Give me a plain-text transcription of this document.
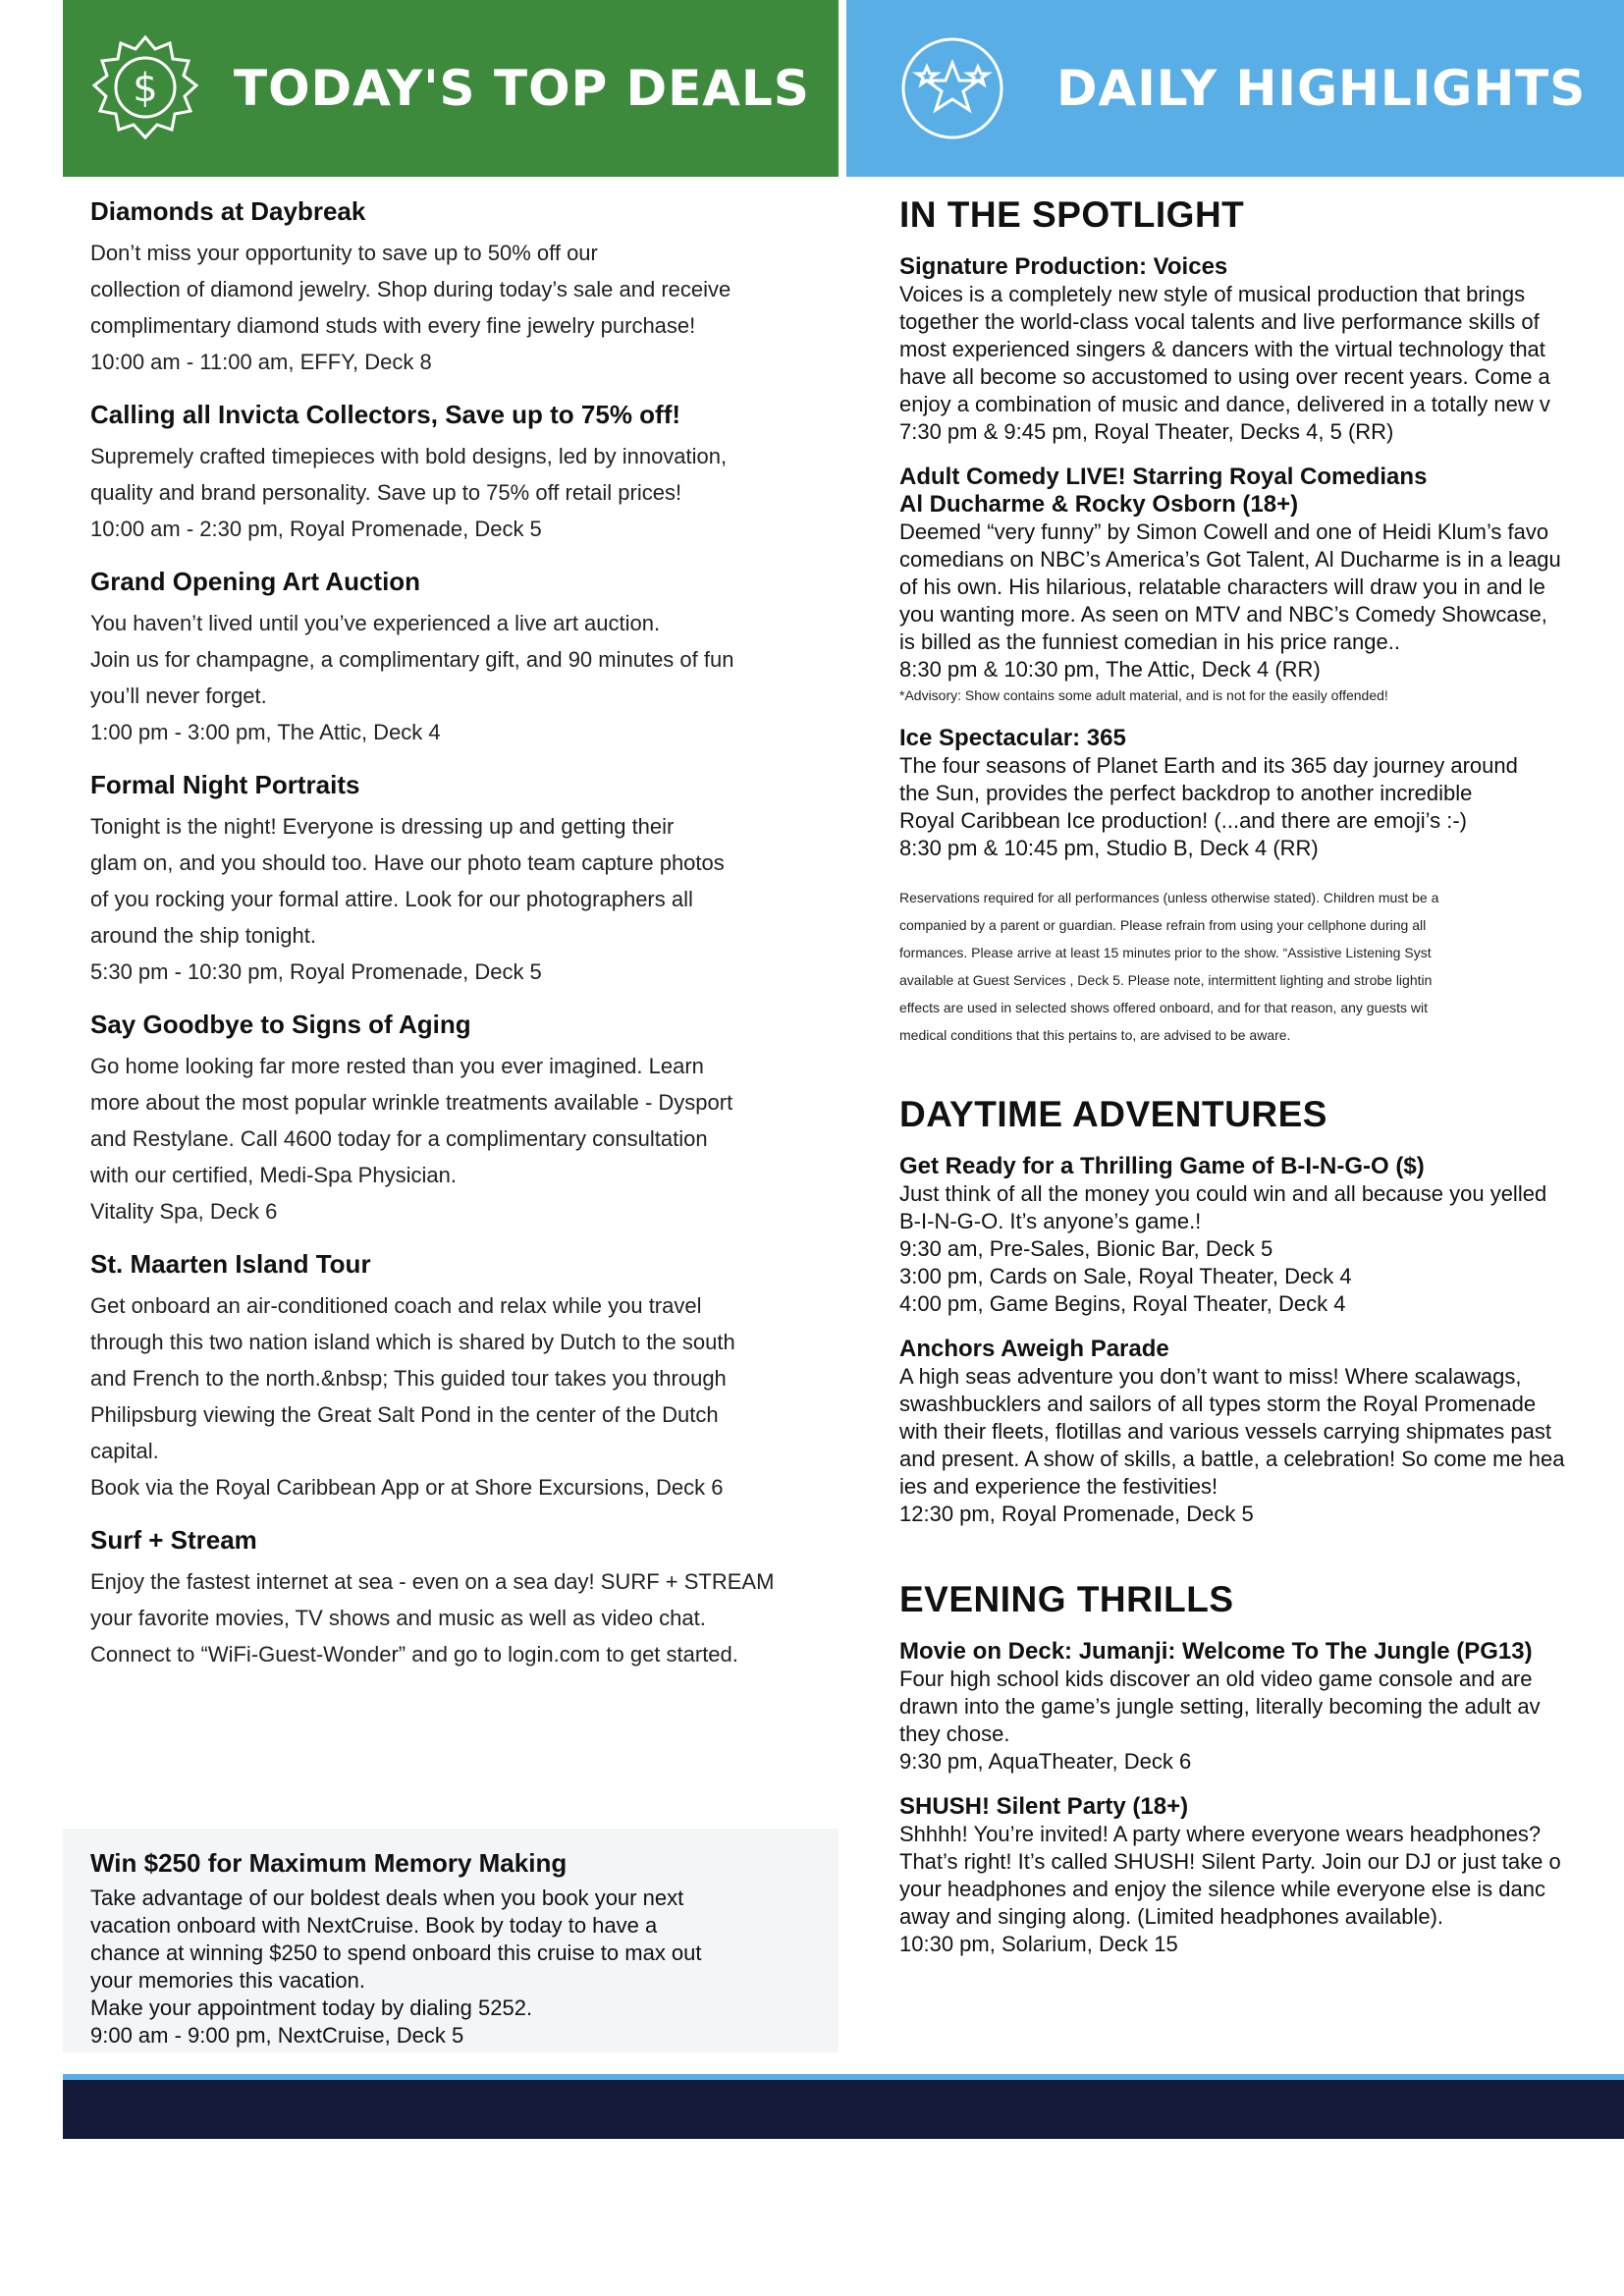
$ TODAY'S TOP DEALS	DAILY HIGHLIGHTS
Diamonds at Daybreak

Don’t miss your opportunity to save up to 50% off our

collection of diamond jewelry. Shop during today’s sale and receive

complimentary diamond studs with every fine jewelry purchase!

10:00 am - 11:00 am, EFFY, Deck 8

Calling all Invicta Collectors, Save up to 75% off!

Supremely crafted timepieces with bold designs, led by innovation,

quality and brand personality. Save up to 75% off retail prices!

10:00 am - 2:30 pm, Royal Promenade, Deck 5

Grand Opening Art Auction

You haven’t lived until you’ve experienced a live art auction.

Join us for champagne, a complimentary gift, and 90 minutes of fun

you’ll never forget.

1:00 pm - 3:00 pm, The Attic, Deck 4

Formal Night Portraits

Tonight is the night! Everyone is dressing up and getting their

glam on, and you should too. Have our photo team capture photos

of you rocking your formal attire. Look for our photographers all

around the ship tonight.

5:30 pm - 10:30 pm, Royal Promenade, Deck 5

Say Goodbye to Signs of Aging

Go home looking far more rested than you ever imagined. Learn

more about the most popular wrinkle treatments available - Dysport

and Restylane. Call 4600 today for a complimentary consultation

with our certified, Medi-Spa Physician.

Vitality Spa, Deck 6

St. Maarten Island Tour

Get onboard an air-conditioned coach and relax while you travel

through this two nation island which is shared by Dutch to the south

and French to the north.&nbsp; This guided tour takes you through

Philipsburg viewing the Great Salt Pond in the center of the Dutch

capital.

Book via the Royal Caribbean App or at Shore Excursions, Deck 6

Surf + Stream

Enjoy the fastest internet at sea - even on a sea day! SURF + STREAM

your favorite movies, TV shows and music as well as video chat.

Connect to “WiFi-Guest-Wonder” and go to login.com to get started.

Win $250 for Maximum Memory Making

Take advantage of our boldest deals when you book your next

vacation onboard with NextCruise. Book by today to have a

chance at winning $250 to spend onboard this cruise to max out

your memories this vacation.

Make your appointment today by dialing 5252.

9:00 am - 9:00 pm, NextCruise, Deck 5

IN THE SPOTLIGHT
Signature Production: Voices

Voices is a completely new style of musical production that brings

together the world-class vocal talents and live performance skills of

most experienced singers & dancers with the virtual technology that

have all become so accustomed to using over recent years. Come a

enjoy a combination of music and dance, delivered in a totally new v

7:30 pm & 9:45 pm, Royal Theater, Decks 4, 5 (RR)

Adult Comedy LIVE! Starring Royal Comedians
Al Ducharme & Rocky Osborn (18+)

Deemed “very funny” by Simon Cowell and one of Heidi Klum’s favo

comedians on NBC’s America’s Got Talent, Al Ducharme is in a leagu

of his own. His hilarious, relatable characters will draw you in and le

you wanting more. As seen on MTV and NBC’s Comedy Showcase,

is billed as the funniest comedian in his price range..

8:30 pm & 10:30 pm, The Attic, Deck 4 (RR)

*Advisory: Show contains some adult material, and is not for the easily offended!

Ice Spectacular: 365

The four seasons of Planet Earth and its 365 day journey around

the Sun, provides the perfect backdrop to another incredible

Royal Caribbean Ice production! (...and there are emoji’s :-)

8:30 pm & 10:45 pm, Studio B, Deck 4 (RR)

Reservations required for all performances (unless otherwise stated). Children must be a

companied by a parent or guardian. Please refrain from using your cellphone during all

formances. Please arrive at least 15 minutes prior to the show. “Assistive Listening Syst

available at Guest Services , Deck 5. Please note, intermittent lighting and strobe lightin

effects are used in selected shows offered onboard, and for that reason, any guests wit

medical conditions that this pertains to, are advised to be aware.

DAYTIME ADVENTURES
Get Ready for a Thrilling Game of B-I-N-G-O ($)

Just think of all the money you could win and all because you yelled

B-I-N-G-O. It’s anyone’s game.!

9:30 am, Pre-Sales, Bionic Bar, Deck 5

3:00 pm, Cards on Sale, Royal Theater, Deck 4

4:00 pm, Game Begins, Royal Theater, Deck 4

Anchors Aweigh Parade

A high seas adventure you don’t want to miss! Where scalawags,

swashbucklers and sailors of all types storm the Royal Promenade

with their fleets, flotillas and various vessels carrying shipmates past

and present. A show of skills, a battle, a celebration! So come me hea

ies and experience the festivities!

12:30 pm, Royal Promenade, Deck 5

EVENING THRILLS
Movie on Deck: Jumanji: Welcome To The Jungle (PG13)

Four high school kids discover an old video game console and are

drawn into the game’s jungle setting, literally becoming the adult av

they chose.

9:30 pm, AquaTheater, Deck 6

SHUSH! Silent Party (18+)

Shhhh! You’re invited! A party where everyone wears headphones?

That’s right! It’s called SHUSH! Silent Party. Join our DJ or just take o

your headphones and enjoy the silence while everyone else is danc

away and singing along. (Limited headphones available).

10:30 pm, Solarium, Deck 15
